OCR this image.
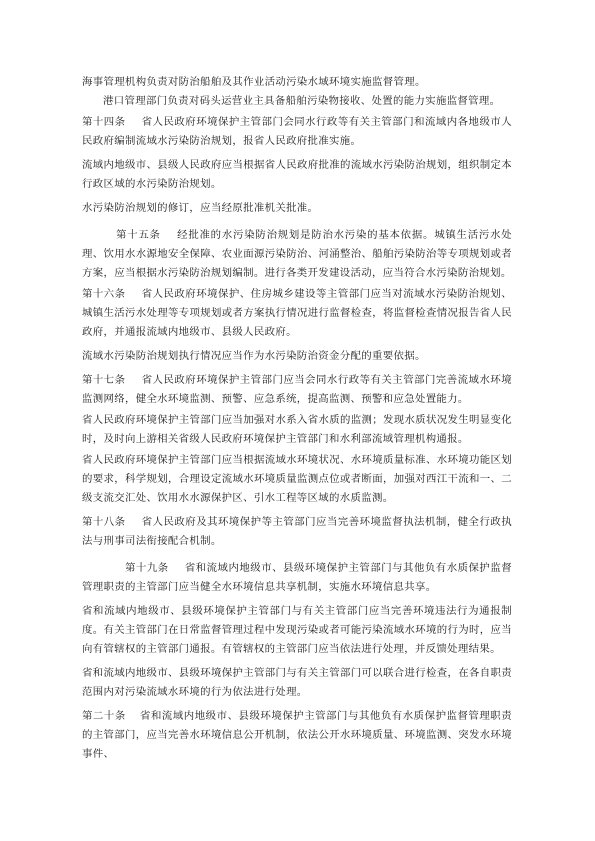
海事管理机构负责对防治船舶及其作业活动污染水域环境实施监督管理。

港口管理部门负责对码头运营业主具备船舶污染物接收、处置的能力实施监督管理。

第十四条 省人民政府环境保护主管部门会同水行政等有关主管部门和流域内各地级市人民政府编制流域水污染防治规划，报省人民政府批准实施。

流域内地级市、县级人民政府应当根据省人民政府批准的流域水污染防治规划，组织制定本行政区域的水污染防治规划。

水污染防治规划的修订，应当经原批准机关批准。

第十五条 经批准的水污染防治规划是防治水污染的基本依据。城镇生活污水处理、饮用水水源地安全保障、农业面源污染防治、河涌整治、船舶污染防治等专项规划或者方案，应当根据水污染防治规划编制。进行各类开发建设活动，应当符合水污染防治规划。

第十六条 省人民政府环境保护、住房城乡建设等主管部门应当对流域水污染防治规划、城镇生活污水处理等专项规划或者方案执行情况进行监督检查，将监督检查情况报告省人民政府，并通报流域内地级市、县级人民政府。

流域水污染防治规划执行情况应当作为水污染防治资金分配的重要依据。

第十七条 省人民政府环境保护主管部门应当会同水行政等有关主管部门完善流域水环境监测网络，健全水环境监测、预警、应急系统，提高监测、预警和应急处置能力。

省人民政府环境保护主管部门应当加强对水系入省水质的监测；发现水质状况发生明显变化时，及时向上游相关省级人民政府环境保护主管部门和水利部流域管理机构通报。

省人民政府环境保护主管部门应当根据流域水环境状况、水环境质量标准、水环境功能区划的要求，科学规划，合理设定流域水环境质量监测点位或者断面，加强对西江干流和一、二级支流交汇处、饮用水水源保护区、引水工程等区域的水质监测。

第十八条 省人民政府及其环境保护等主管部门应当完善环境监督执法机制，健全行政执法与刑事司法衔接配合机制。

第十九条 省和流域内地级市、县级环境保护主管部门与其他负有水质保护监督管理职责的主管部门应当健全水环境信息共享机制，实施水环境信息共享。

省和流域内地级市、县级环境保护主管部门与有关主管部门应当完善环境违法行为通报制度。有关主管部门在日常监督管理过程中发现污染或者可能污染流域水环境的行为时，应当向有管辖权的主管部门通报。有管辖权的主管部门应当依法进行处理，并反馈处理结果。

省和流域内地级市、县级环境保护主管部门与有关主管部门可以联合进行检查，在各自职责范围内对污染流域水环境的行为依法进行处理。

第二十条 省和流域内地级市、县级环境保护主管部门与其他负有水质保护监督管理职责的主管部门，应当完善水环境信息公开机制，依法公开水环境质量、环境监测、突发水环境事件、
